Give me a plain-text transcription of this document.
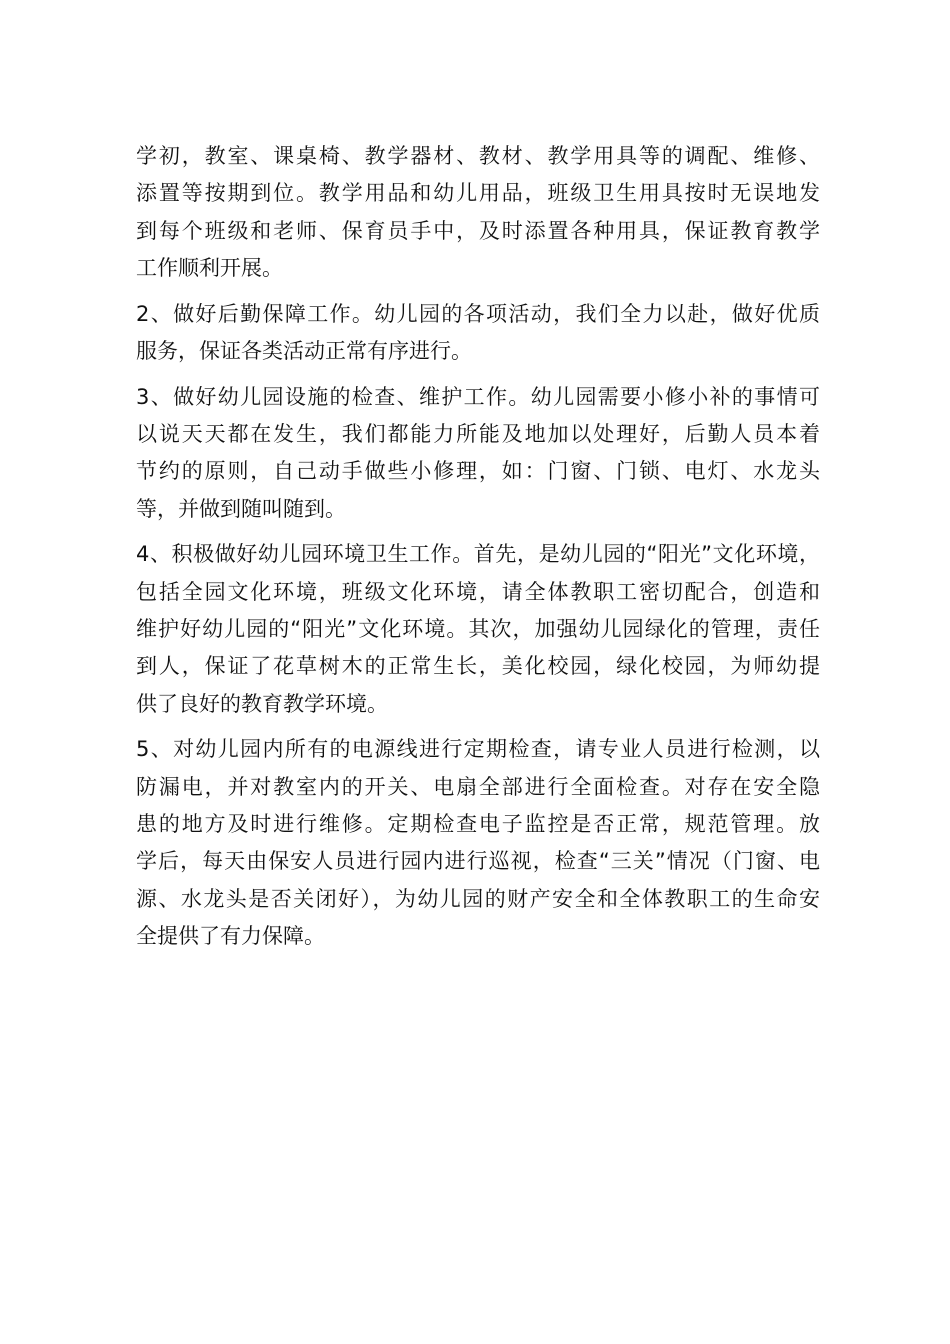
学初，教室、课桌椅、教学器材、教材、教学用具等的调配、维修、
添置等按期到位。教学用品和幼儿用品，班级卫生用具按时无误地发
到每个班级和老师、保育员手中，及时添置各种用具，保证教育教学
工作顺利开展。
2、做好后勤保障工作。幼儿园的各项活动，我们全力以赴，做好优质
服务，保证各类活动正常有序进行。
3、做好幼儿园设施的检查、维护工作。幼儿园需要小修小补的事情可
以说天天都在发生，我们都能力所能及地加以处理好，后勤人员本着
节约的原则，自己动手做些小修理，如：门窗、门锁、电灯、水龙头
等，并做到随叫随到。
4、积极做好幼儿园环境卫生工作。首先，是幼儿园的“阳光”文化环境，
包括全园文化环境，班级文化环境，请全体教职工密切配合，创造和
维护好幼儿园的“阳光”文化环境。其次，加强幼儿园绿化的管理，责任
到人，保证了花草树木的正常生长，美化校园，绿化校园，为师幼提
供了良好的教育教学环境。
5、对幼儿园内所有的电源线进行定期检查，请专业人员进行检测，以
防漏电，并对教室内的开关、电扇全部进行全面检查。对存在安全隐
患的地方及时进行维修。定期检查电子监控是否正常，规范管理。放
学后，每天由保安人员进行园内进行巡视，检查“三关”情况（门窗、电
源、水龙头是否关闭好），为幼儿园的财产安全和全体教职工的生命安
全提供了有力保障。
